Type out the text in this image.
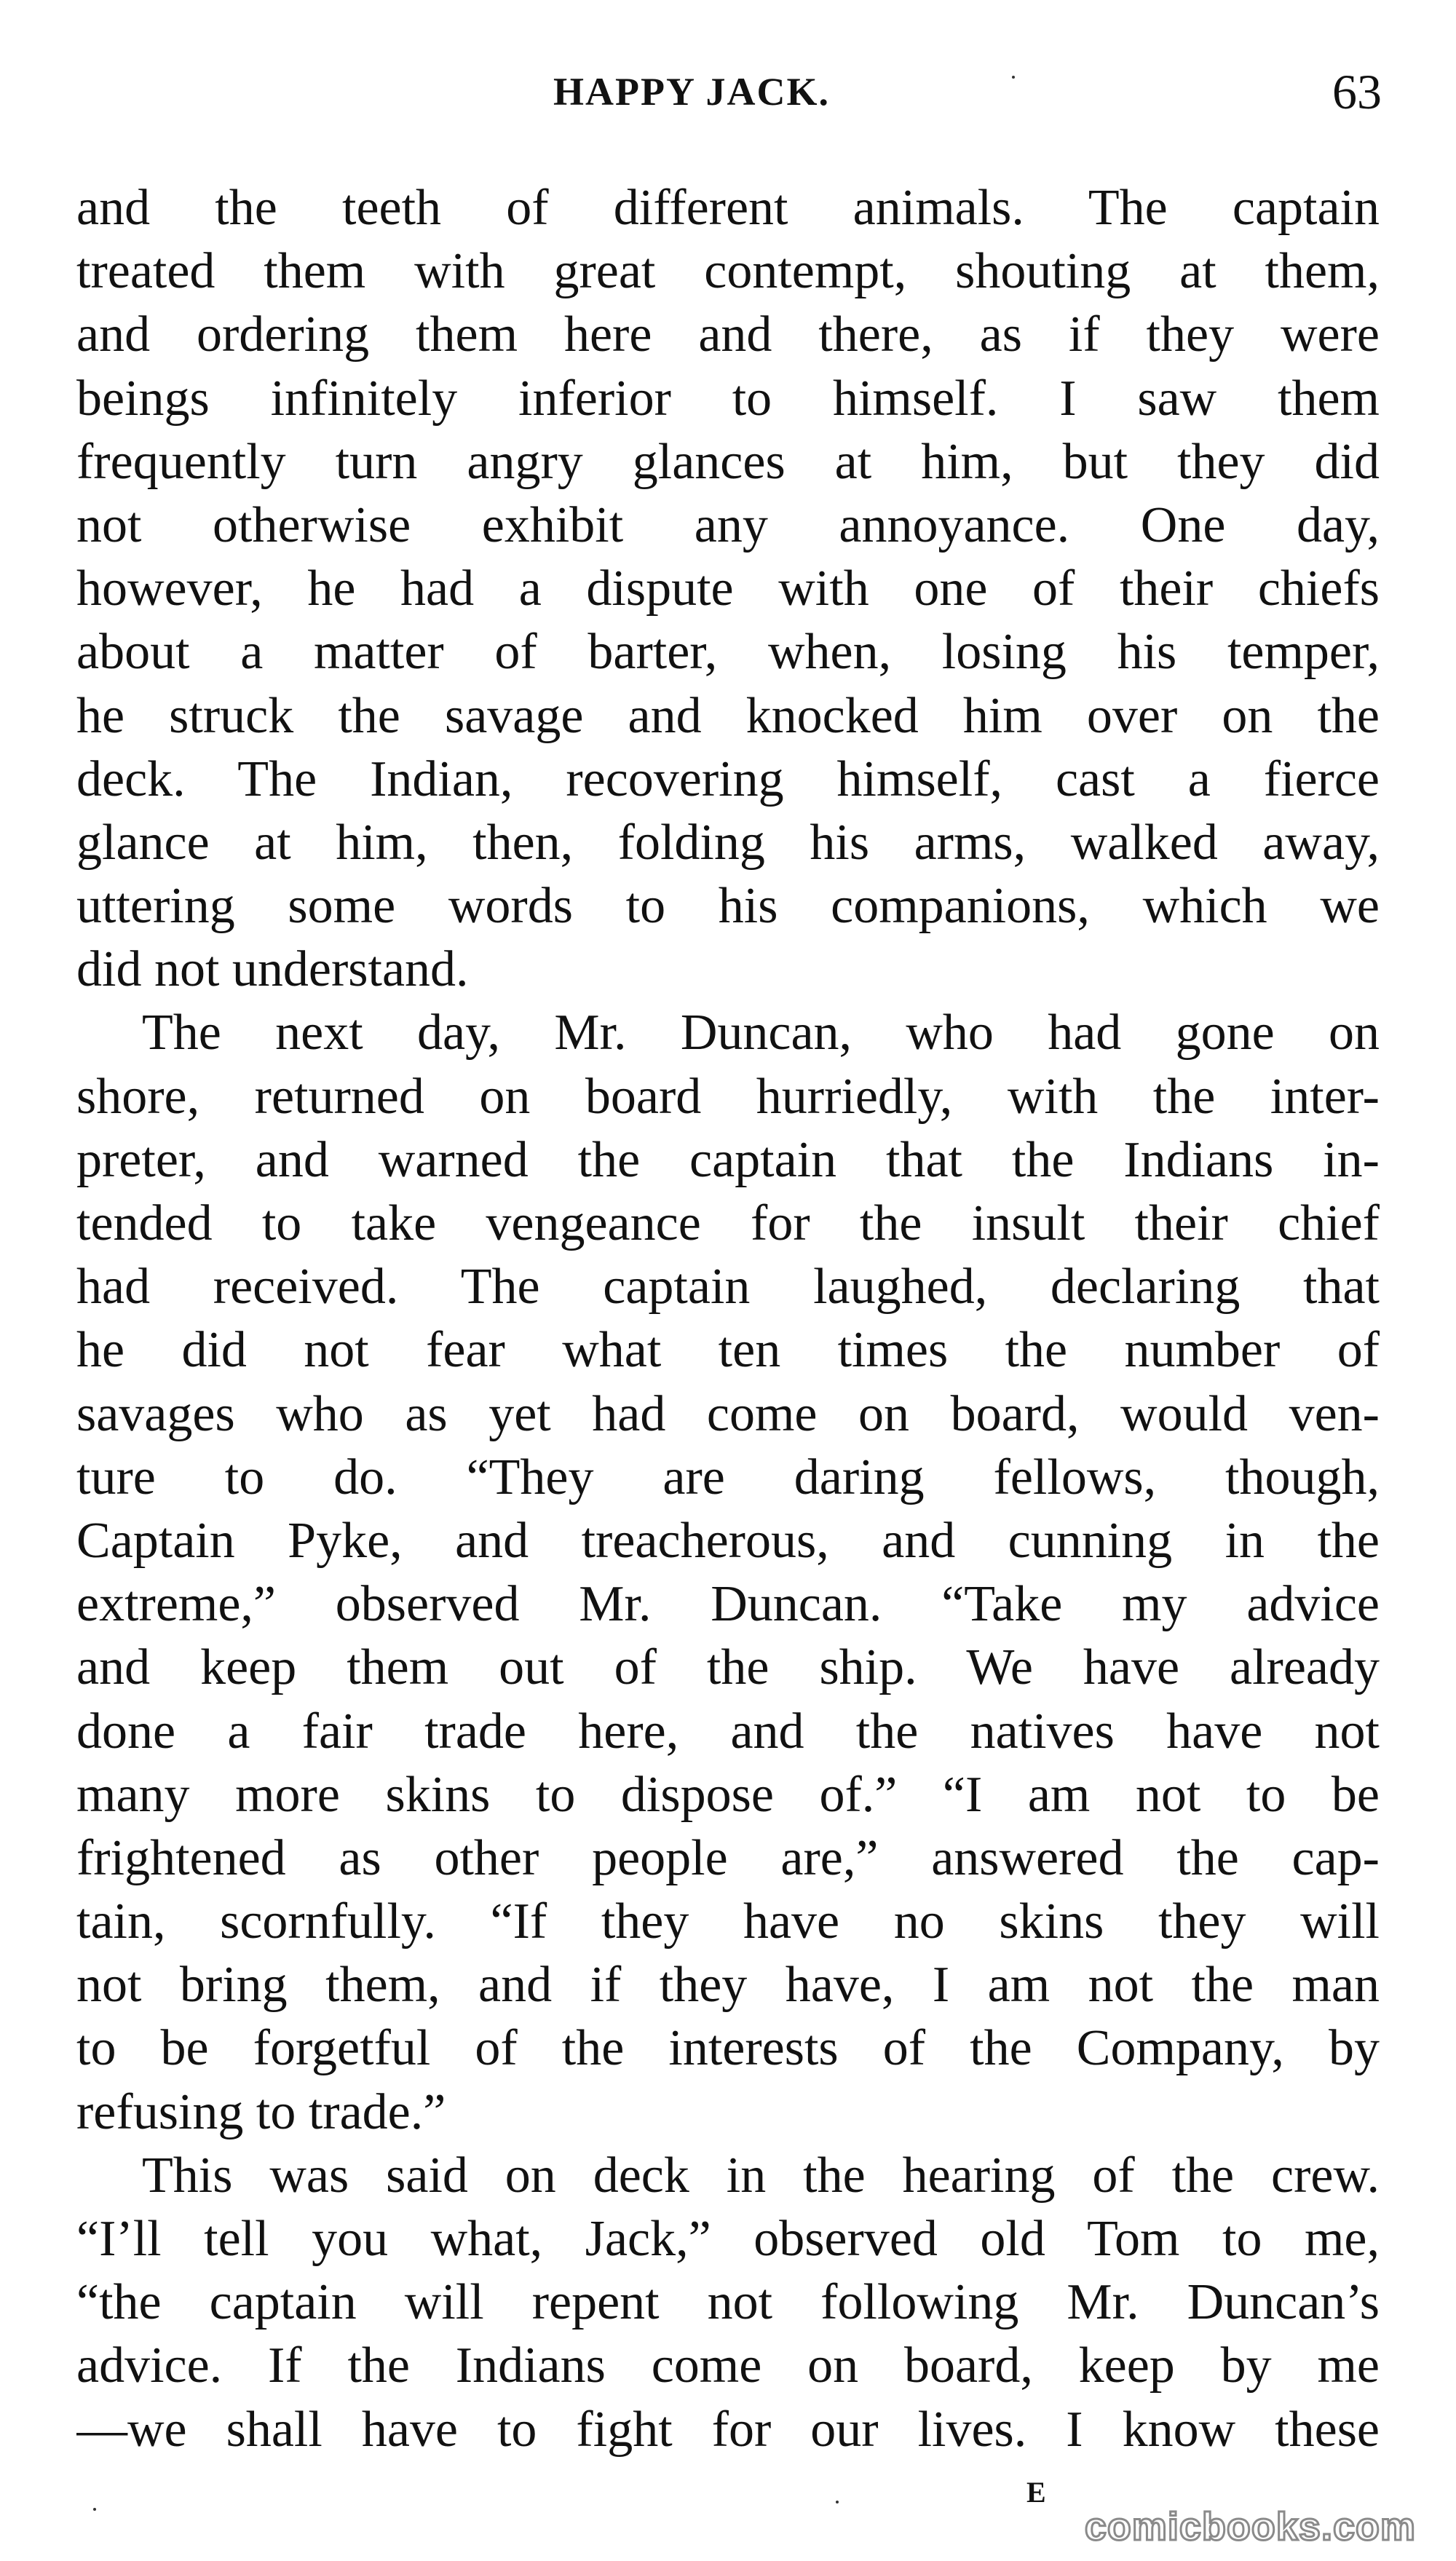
HAPPY JACK.	63
and the teeth of different animals. The captain
treated them with great contempt, shouting at them,
and ordering them here and there, as if they were
beings infinitely inferior to himself. I saw them
frequently turn angry glances at him, but they did
not otherwise exhibit any annoyance. One day,
however, he had a dispute with one of their chiefs
about a matter of barter, when, losing his temper,
he struck the savage and knocked him over on the
deck. The Indian, recovering himself, cast a fierce
glance at him, then, folding his arms, walked away,
uttering some words to his companions, which we
did not understand.
The next day, Mr. Duncan, who had gone on
shore, returned on board hurriedly, with the inter-
preter, and warned the captain that the Indians in-
tended to take vengeance for the insult their chief
had received. The captain laughed, declaring that
he did not fear what ten times the number of
savages who as yet had come on board, would ven-
ture to do. “They are daring fellows, though,
Captain Pyke, and treacherous, and cunning in the
extreme,” observed Mr. Duncan. “Take my advice
and keep them out of the ship. We have already
done a fair trade here, and the natives have not
many more skins to dispose of.” “I am not to be
frightened as other people are,” answered the cap-
tain, scornfully. “If they have no skins they will
not bring them, and if they have, I am not the man
to be forgetful of the interests of the Company, by
refusing to trade.”
This was said on deck in the hearing of the crew.
“I’ll tell you what, Jack,” observed old Tom to me,
“the captain will repent not following Mr. Duncan’s
advice. If the Indians come on board, keep by me
—we shall have to fight for our lives. I know these
E
comicbooks.com
